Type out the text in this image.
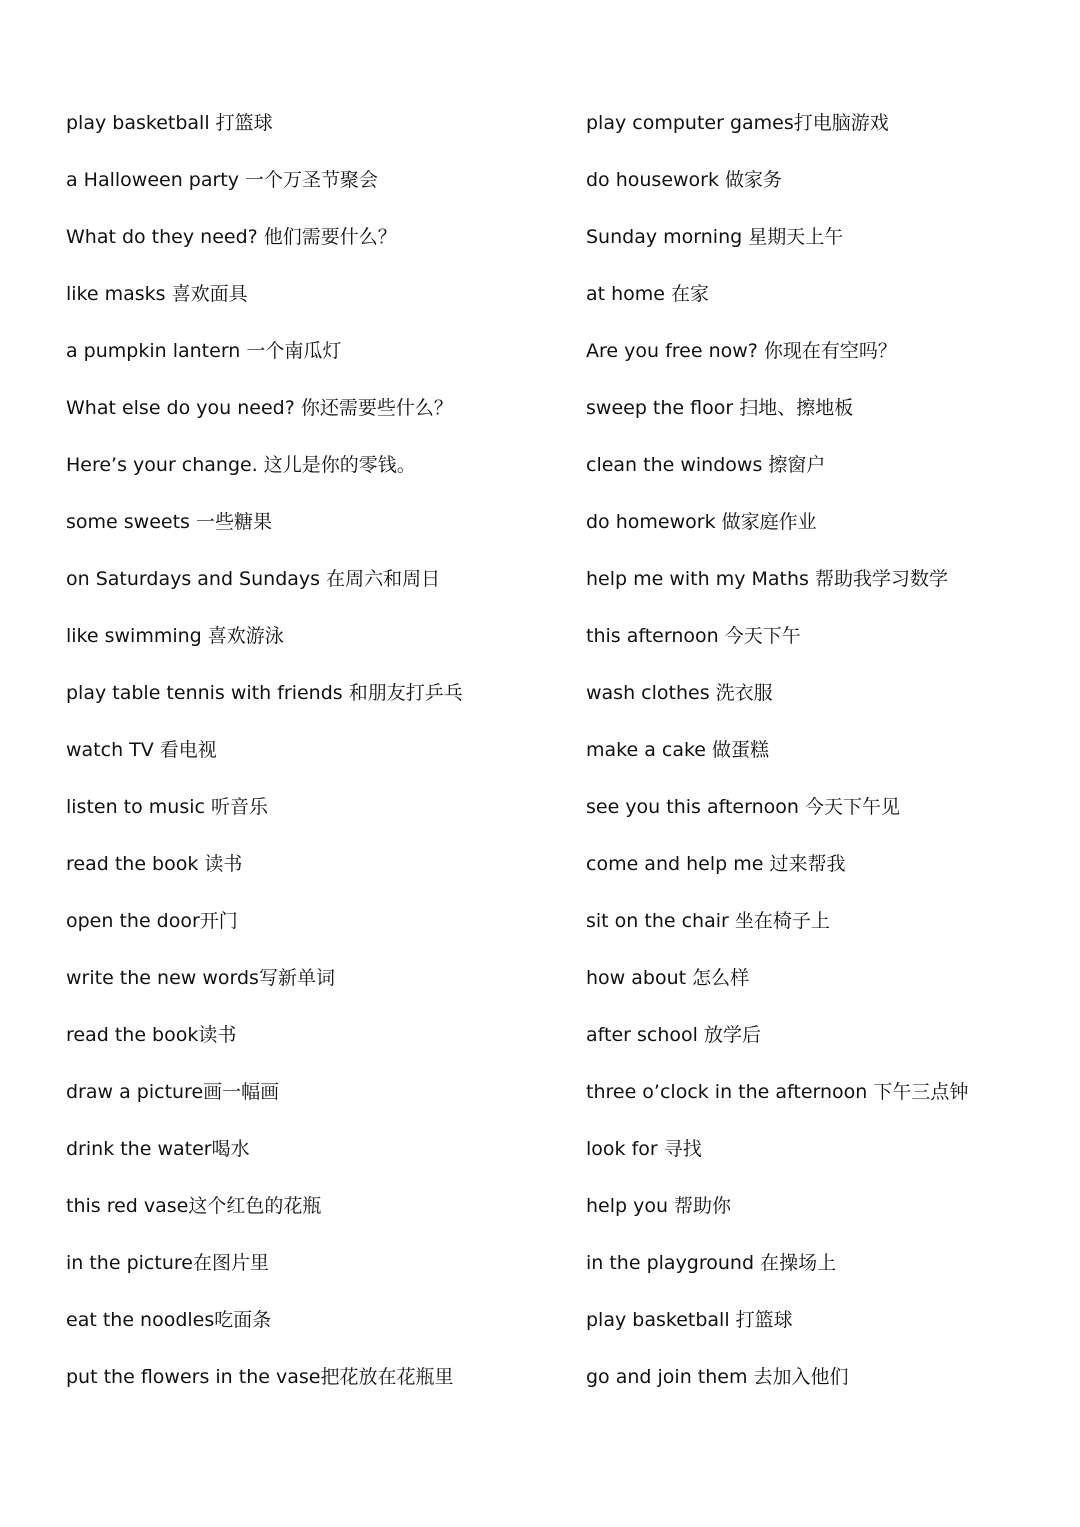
play basketball 打篮球
a Halloween party 一个万圣节聚会
What do they need? 他们需要什么？
like masks 喜欢面具
a pumpkin lantern 一个南瓜灯
What else do you need? 你还需要些什么？
Here’s your change. 这儿是你的零钱。
some sweets 一些糖果
on Saturdays and Sundays 在周六和周日
like swimming 喜欢游泳
play table tennis with friends 和朋友打乒乓
watch TV 看电视
listen to music 听音乐
read the book 读书
open the door开门
write the new words写新单词
read the book读书
draw a picture画一幅画
drink the water喝水
this red vase这个红色的花瓶
in the picture在图片里
eat the noodles吃面条
put the flowers in the vase把花放在花瓶里
play computer games打电脑游戏
do housework 做家务
Sunday morning 星期天上午
at home 在家
Are you free now? 你现在有空吗？
sweep the floor 扫地、擦地板
clean the windows 擦窗户
do homework 做家庭作业
help me with my Maths 帮助我学习数学
this afternoon 今天下午
wash clothes 洗衣服
make a cake 做蛋糕
see you this afternoon 今天下午见
come and help me 过来帮我
sit on the chair 坐在椅子上
how about 怎么样
after school 放学后
three o’clock in the afternoon 下午三点钟
look for 寻找
help you 帮助你
in the playground 在操场上
play basketball 打篮球
go and join them 去加入他们
